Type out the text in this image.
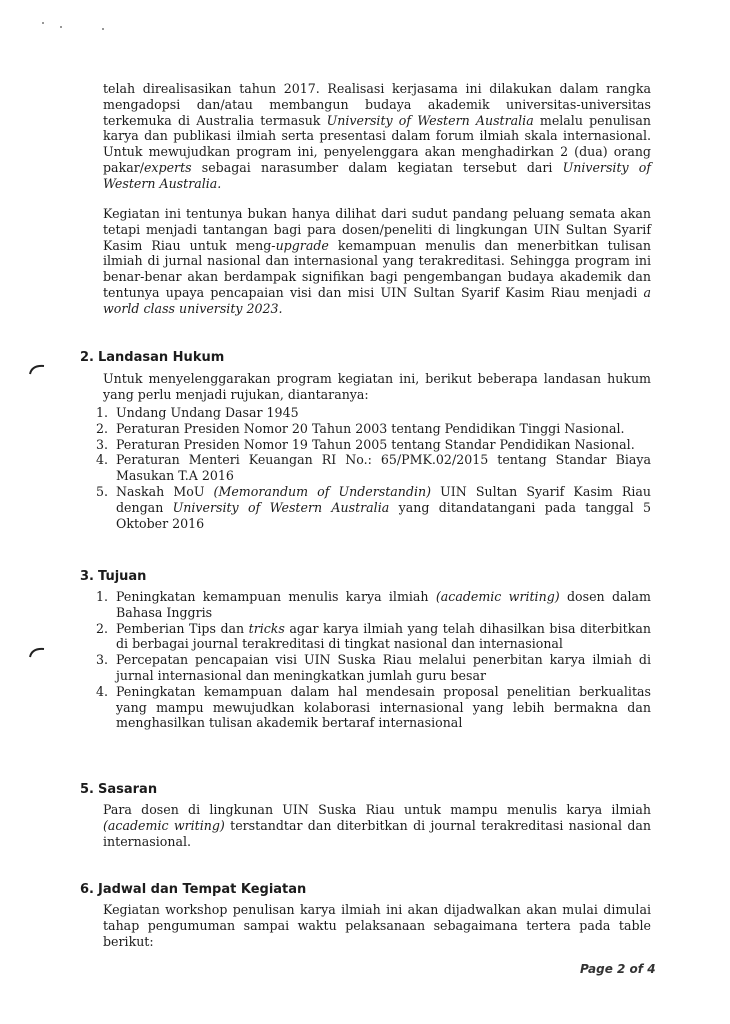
telah direalisasikan tahun 2017. Realisasi kerjasama ini dilakukan dalam rangka mengadopsi dan/atau membangun budaya akademik universitas-universitas terkemuka di Australia termasuk University of Western Australia melalu penulisan karya dan publikasi ilmiah serta presentasi dalam forum ilmiah skala internasional. Untuk mewujudkan program ini, penyelenggara akan menghadirkan 2 (dua) orang pakar/experts sebagai narasumber dalam kegiatan tersebut dari University of Western Australia.

Kegiatan ini tentunya bukan hanya dilihat dari sudut pandang peluang semata akan tetapi menjadi tantangan bagi para dosen/peneliti di lingkungan UIN Sultan Syarif Kasim Riau untuk meng-upgrade kemampuan menulis dan menerbitkan tulisan ilmiah di jurnal nasional dan internasional yang terakreditasi. Sehingga program ini benar-benar akan berdampak signifikan bagi pengembangan budaya akademik dan tentunya upaya pencapaian visi dan misi UIN Sultan Syarif Kasim Riau menjadi a world class university 2023.

2. Landasan Hukum

Untuk menyelenggarakan program kegiatan ini, berikut beberapa landasan hukum yang perlu menjadi rujukan, diantaranya:

1. Undang Undang Dasar 1945
2. Peraturan Presiden Nomor 20 Tahun 2003 tentang Pendidikan Tinggi Nasional.
3. Peraturan Presiden Nomor 19 Tahun 2005 tentang Standar Pendidikan Nasional.
4. Peraturan Menteri Keuangan RI No.: 65/PMK.02/2015 tentang Standar Biaya Masukan T.A 2016
5. Naskah MoU (Memorandum of Understandin) UIN Sultan Syarif Kasim Riau dengan University of Western Australia yang ditandatangani pada tanggal 5 Oktober 2016
3. Tujuan
1. Peningkatan kemampuan menulis karya ilmiah (academic writing) dosen dalam Bahasa Inggris
2. Pemberian Tips dan tricks agar karya ilmiah yang telah dihasilkan bisa diterbitkan di berbagai journal terakreditasi di tingkat nasional dan internasional
3. Percepatan pencapaian visi UIN Suska Riau melalui penerbitan karya ilmiah di jurnal internasional dan meningkatkan jumlah guru besar
4. Peningkatan kemampuan dalam hal mendesain proposal penelitian berkualitas yang mampu mewujudkan kolaborasi internasional yang lebih bermakna dan menghasilkan tulisan akademik bertaraf internasional
5. Sasaran

Para dosen di lingkunan UIN Suska Riau untuk mampu menulis karya ilmiah (academic writing) terstandtar dan diterbitkan di journal terakreditasi nasional dan internasional.

6. Jadwal dan Tempat Kegiatan

Kegiatan workshop penulisan karya ilmiah ini akan dijadwalkan akan mulai dimulai tahap pengumuman sampai waktu pelaksanaan sebagaimana tertera pada table berikut:

Page 2 of 4
